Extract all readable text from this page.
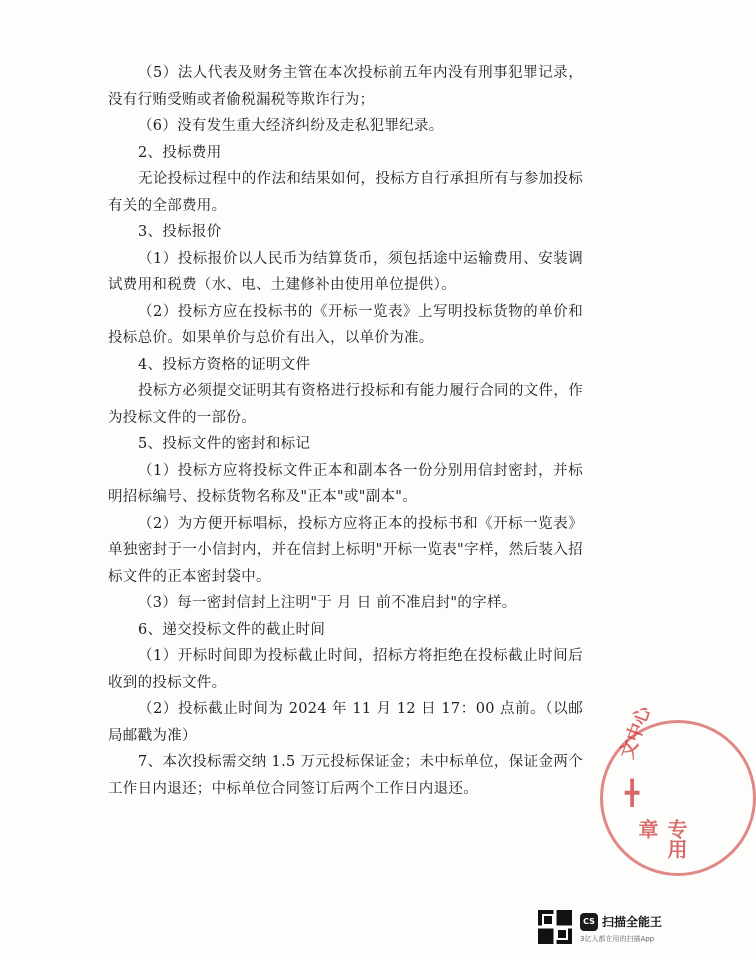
（5）法人代表及财务主管在本次投标前五年内没有刑事犯罪记录，没有行贿受贿或者偷税漏税等欺诈行为；

（6）没有发生重大经济纠纷及走私犯罪纪录。

2、投标费用

无论投标过程中的作法和结果如何，投标方自行承担所有与参加投标有关的全部费用。

3、投标报价

（1）投标报价以人民币为结算货币，须包括途中运输费用、安装调试费用和税费（水、电、土建修补由使用单位提供）。

（2）投标方应在投标书的《开标一览表》上写明投标货物的单价和投标总价。如果单价与总价有出入，以单价为准。

4、投标方资格的证明文件

投标方必须提交证明其有资格进行投标和有能力履行合同的文件，作为投标文件的一部份。

5、投标文件的密封和标记

（1）投标方应将投标文件正本和副本各一份分别用信封密封，并标明招标编号、投标货物名称及"正本"或"副本"。

（2）为方便开标唱标，投标方应将正本的投标书和《开标一览表》单独密封于一小信封内，并在信封上标明"开标一览表"字样，然后装入招标文件的正本密封袋中。

（3）每一密封信封上注明"于 月 日 前不准启封"的字样。

6、递交投标文件的截止时间

（1）开标时间即为投标截止时间，招标方将拒绝在投标截止时间后收到的投标文件。

（2）投标截止时间为 2024 年 11 月 12 日 17：00 点前。（以邮局邮戳为准）

7、本次投标需交纳 1.5 万元投标保证金；未中标单位，保证金两个工作日内退还；中标单位合同签订后两个工作日内退还。

文中心
╋
专用章
CS 扫描全能王
3亿人都在用的扫描App
